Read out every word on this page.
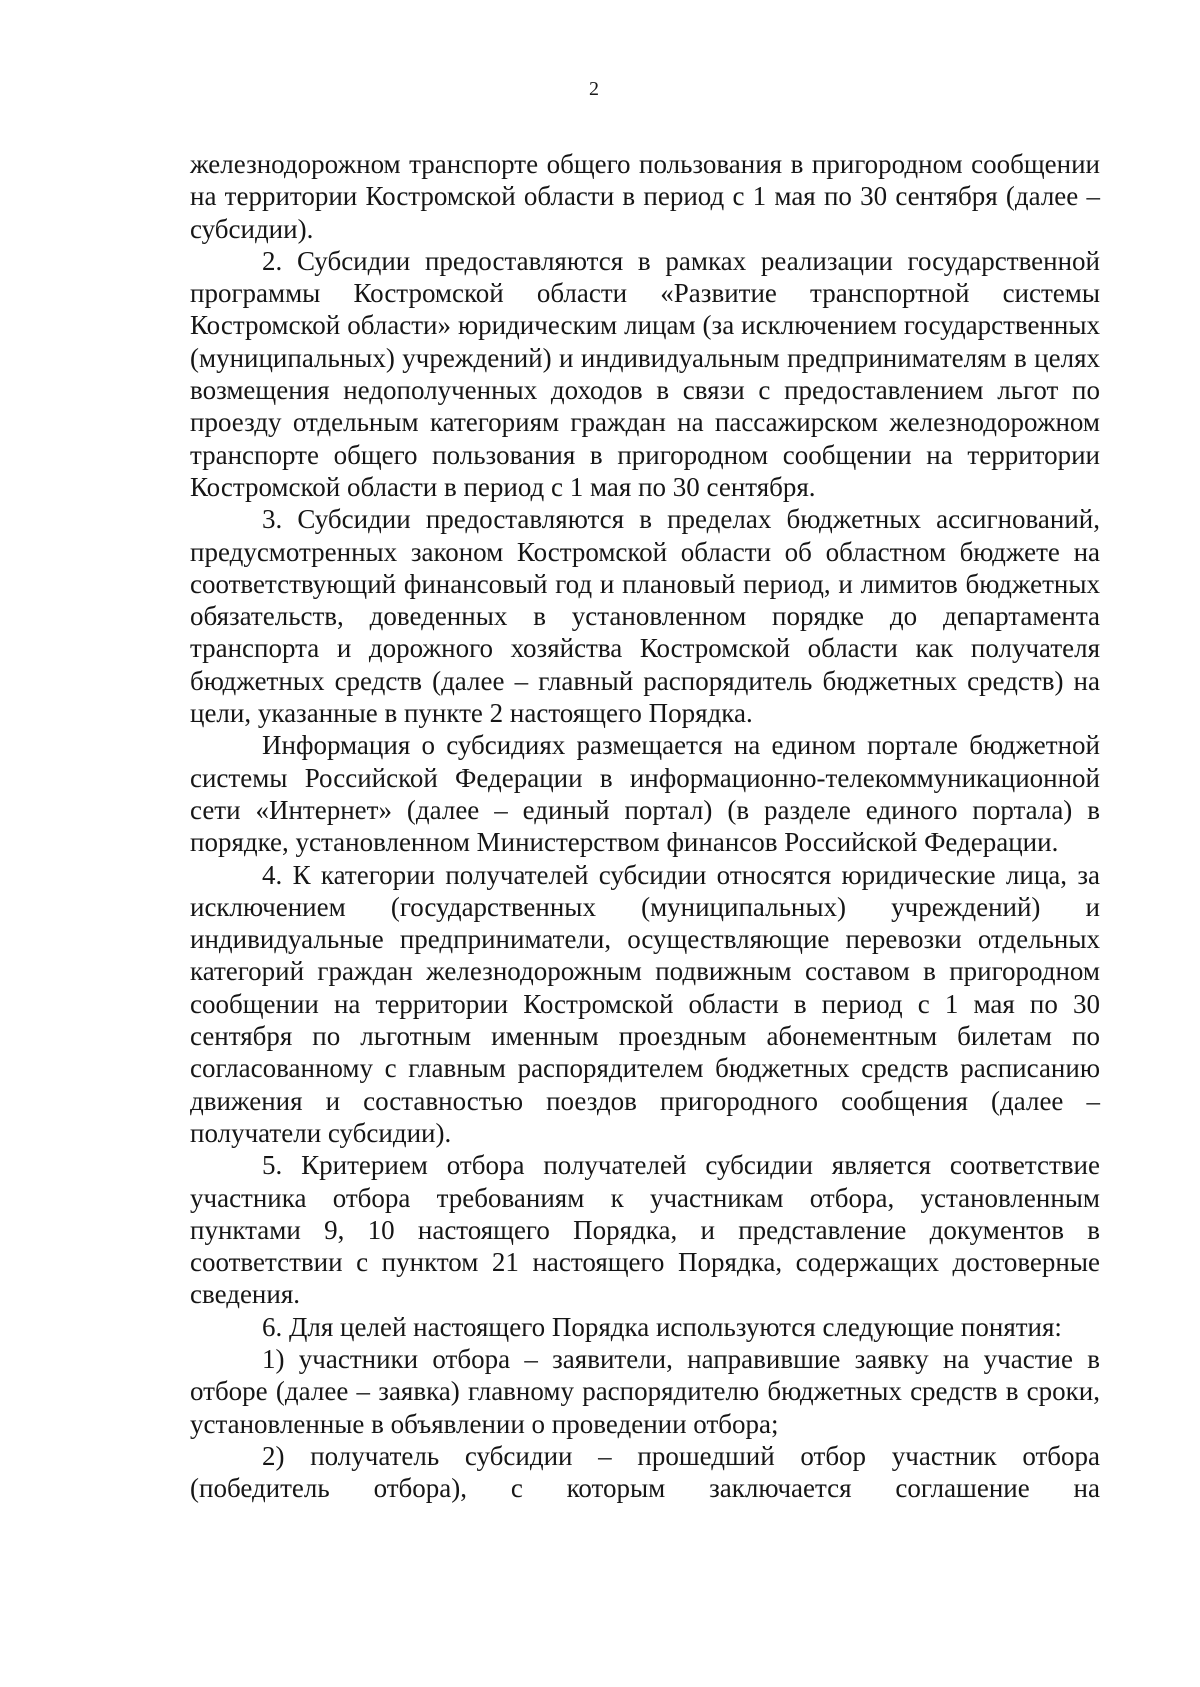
2

железнодорожном транспорте общего пользования в пригородном сообщении на территории Костромской области в период с 1 мая по 30 сентября (далее – субсидии).

2. Субсидии предоставляются в рамках реализации государственной программы Костромской области «Развитие транспортной системы Костромской области» юридическим лицам (за исключением государственных (муниципальных) учреждений) и индивидуальным предпринимателям в целях возмещения недополученных доходов в связи с предоставлением льгот по проезду отдельным категориям граждан на пассажирском железнодорожном транспорте общего пользования в пригородном сообщении на территории Костромской области в период с 1 мая по 30 сентября.

3. Субсидии предоставляются в пределах бюджетных ассигнований, предусмотренных законом Костромской области об областном бюджете на соответствующий финансовый год и плановый период, и лимитов бюджетных обязательств, доведенных в установленном порядке до департамента транспорта и дорожного хозяйства Костромской области как получателя бюджетных средств (далее – главный распорядитель бюджетных средств) на цели, указанные в пункте 2 настоящего Порядка.

Информация о субсидиях размещается на едином портале бюджетной системы Российской Федерации в информационно-телекоммуникационной сети «Интернет» (далее – единый портал) (в разделе единого портала) в порядке, установленном Министерством финансов Российской Федерации.

4. К категории получателей субсидии относятся юридические лица, за исключением (государственных (муниципальных) учреждений) и индивидуальные предприниматели, осуществляющие перевозки отдельных категорий граждан железнодорожным подвижным составом в пригородном сообщении на территории Костромской области в период с 1 мая по 30 сентября по льготным именным проездным абонементным билетам по согласованному с главным распорядителем бюджетных средств расписанию движения и составностью поездов пригородного сообщения (далее – получатели субсидии).

5. Критерием отбора получателей субсидии является соответствие участника отбора требованиям к участникам отбора, установленным пунктами 9, 10 настоящего Порядка, и представление документов в соответствии с пунктом 21 настоящего Порядка, содержащих достоверные сведения.

6. Для целей настоящего Порядка используются следующие понятия:

1) участники отбора – заявители, направившие заявку на участие в отборе (далее – заявка) главному распорядителю бюджетных средств в сроки, установленные в объявлении о проведении отбора;

2) получатель субсидии – прошедший отбор участник отбора (победитель отбора), с которым заключается соглашение на
